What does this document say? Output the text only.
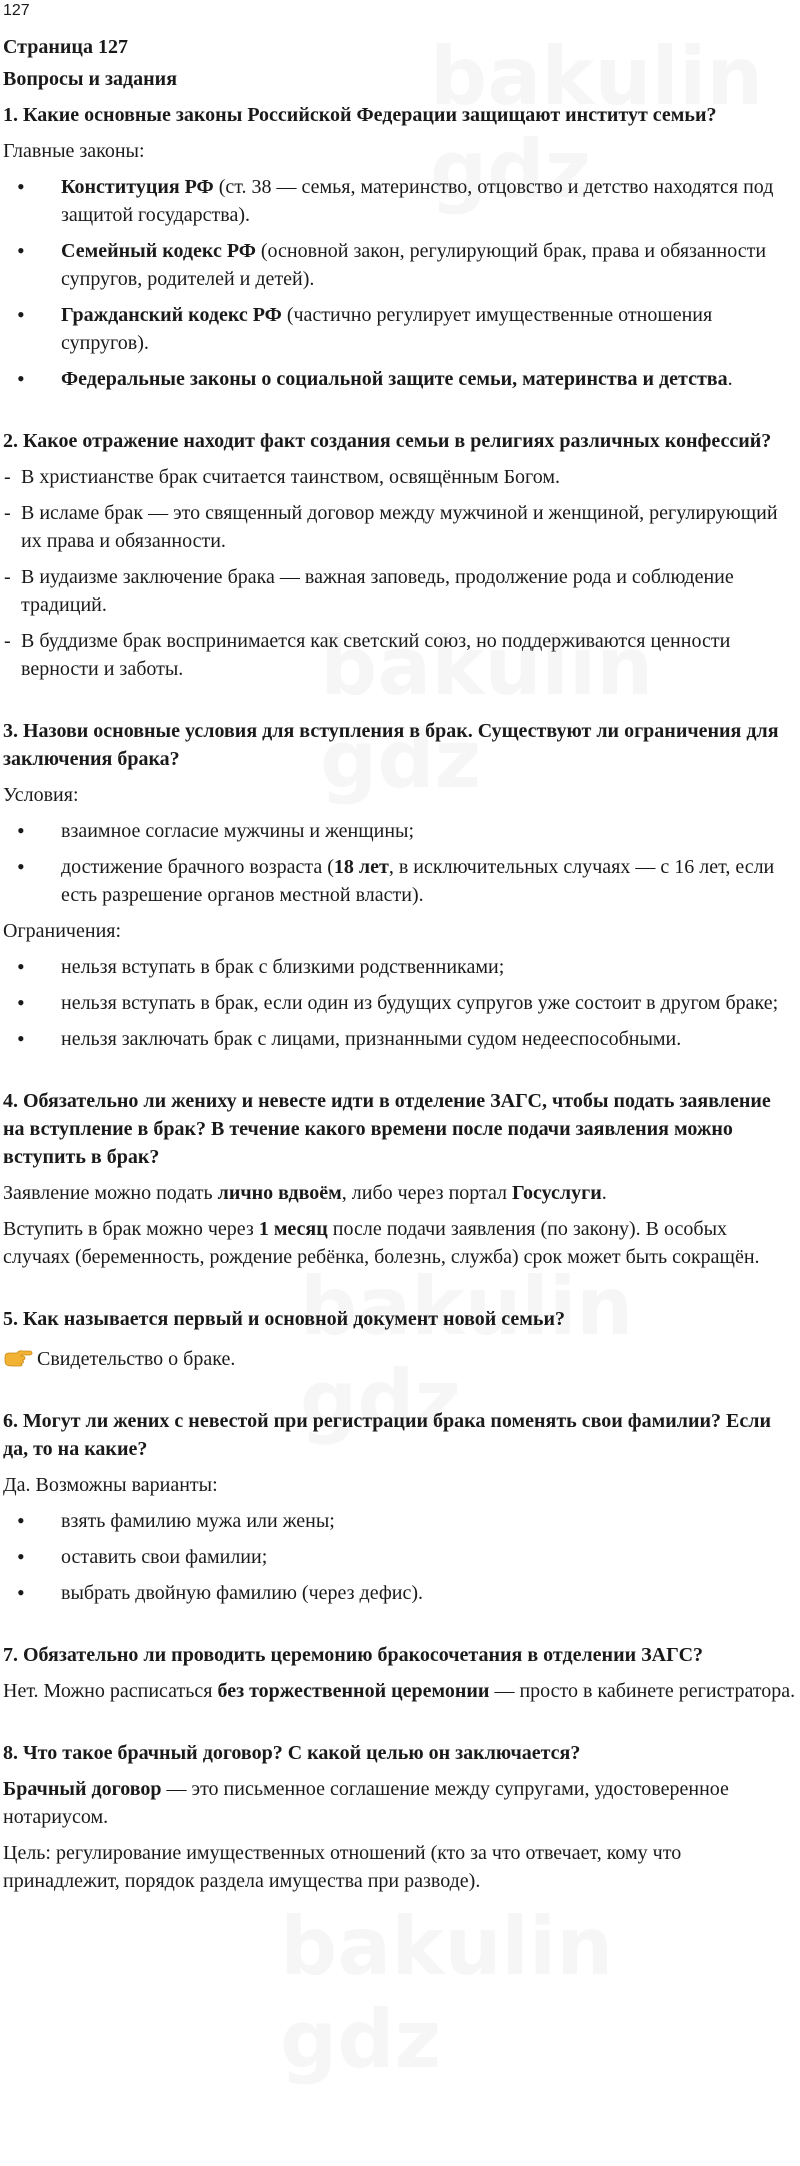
127

Страница 127

Вопросы и задания

1. Какие основные законы Российской Федерации защищают институт семьи?

Главные законы:

• Конституция РФ (ст. 38 — семья, материнство, отцовство и детство находятся под защитой государства).
• Семейный кодекс РФ (основной закон, регулирующий брак, права и обязанности супругов, родителей и детей).
• Гражданский кодекс РФ (частично регулирует имущественные отношения супругов).
• Федеральные законы о социальной защите семьи, материнства и детства.

2. Какое отражение находит факт создания семьи в религиях различных конфессий?

- В христианстве брак считается таинством, освящённым Богом.
- В исламе брак — это священный договор между мужчиной и женщиной, регулирующий их права и обязанности.
- В иудаизме заключение брака — важная заповедь, продолжение рода и соблюдение традиций.
- В буддизме брак воспринимается как светский союз, но поддерживаются ценности верности и заботы.

3. Назови основные условия для вступления в брак. Существуют ли ограничения для заключения брака?

Условия:

• взаимное согласие мужчины и женщины;
• достижение брачного возраста (18 лет, в исключительных случаях — с 16 лет, если есть разрешение органов местной власти).

Ограничения:

• нельзя вступать в брак с близкими родственниками;
• нельзя вступать в брак, если один из будущих супругов уже состоит в другом браке;
• нельзя заключать брак с лицами, признанными судом недееспособными.

4. Обязательно ли жениху и невесте идти в отделение ЗАГС, чтобы подать заявление на вступление в брак? В течение какого времени после подачи заявления можно вступить в брак?

Заявление можно подать лично вдвоём, либо через портал Госуслуги.

Вступить в брак можно через 1 месяц после подачи заявления (по закону). В особых случаях (беременность, рождение ребёнка, болезнь, служба) срок может быть сокращён.

5. Как называется первый и основной документ новой семьи?

Свидетельство о браке.

6. Могут ли жених с невестой при регистрации брака поменять свои фамилии? Если да, то на какие?

Да. Возможны варианты:

• взять фамилию мужа или жены;
• оставить свои фамилии;
• выбрать двойную фамилию (через дефис).

7. Обязательно ли проводить церемонию бракосочетания в отделении ЗАГС?

Нет. Можно расписаться без торжественной церемонии — просто в кабинете регистратора.

8. Что такое брачный договор? С какой целью он заключается?

Брачный договор — это письменное соглашение между супругами, удостоверенное нотариусом.

Цель: регулирование имущественных отношений (кто за что отвечает, кому что принадлежит, порядок раздела имущества при разводе).
